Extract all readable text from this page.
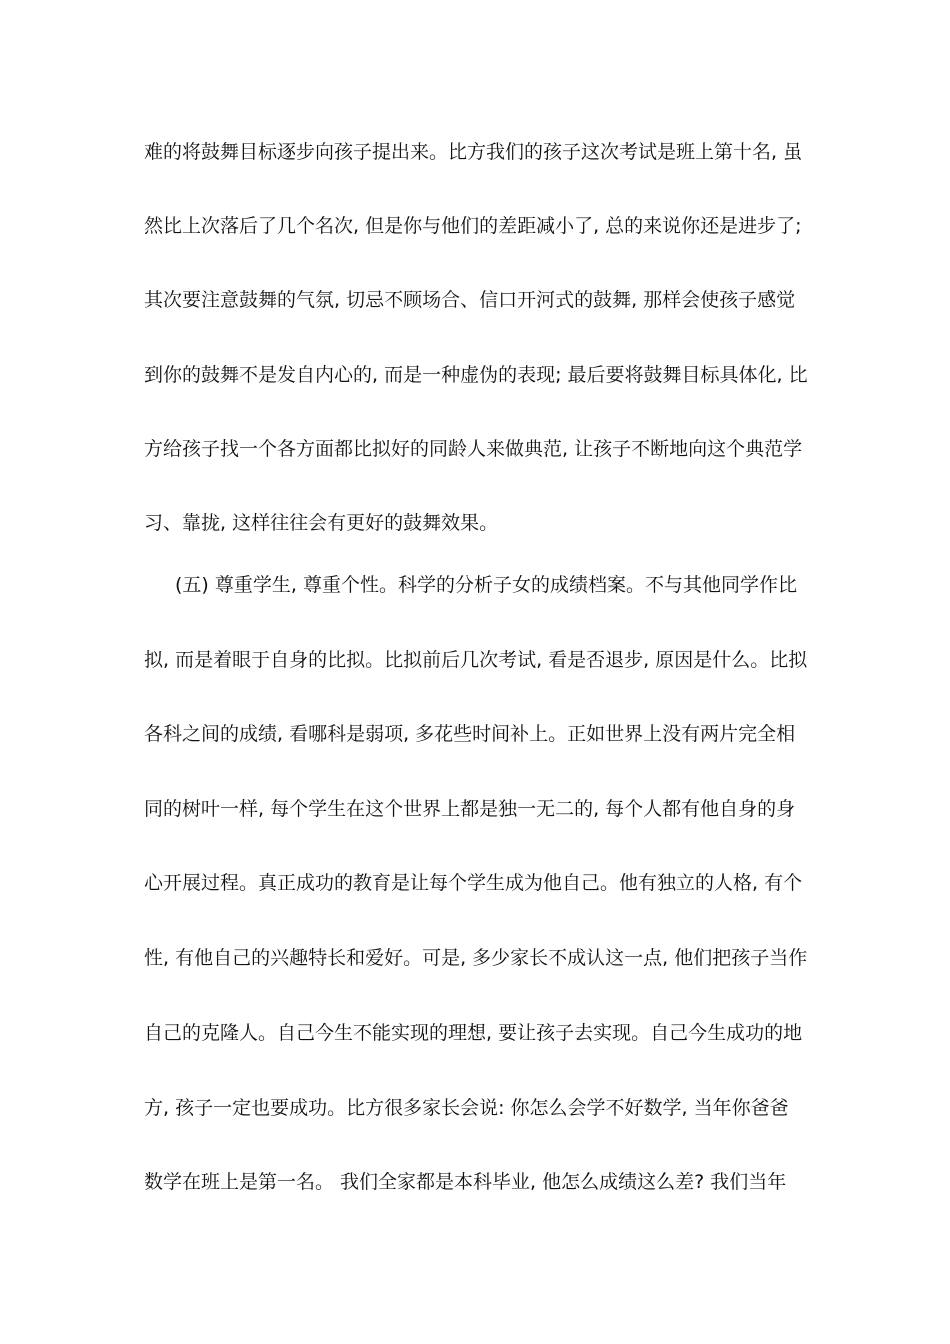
难的将鼓舞目标逐步向孩子提出来。比方我们的孩子这次考试是班上第十名, 虽
然比上次落后了几个名次, 但是你与他们的差距减小了, 总的来说你还是进步了;
其次要注意鼓舞的气氛, 切忌不顾场合、信口开河式的鼓舞, 那样会使孩子感觉
到你的鼓舞不是发自内心的, 而是一种虚伪的表现; 最后要将鼓舞目标具体化, 比
方给孩子找一个各方面都比拟好的同龄人来做典范, 让孩子不断地向这个典范学
习、靠拢, 这样往往会有更好的鼓舞效果。
(五) 尊重学生, 尊重个性。科学的分析子女的成绩档案。不与其他同学作比
拟, 而是着眼于自身的比拟。比拟前后几次考试, 看是否退步, 原因是什么。比拟
各科之间的成绩, 看哪科是弱项, 多花些时间补上。正如世界上没有两片完全相
同的树叶一样, 每个学生在这个世界上都是独一无二的, 每个人都有他自身的身
心开展过程。真正成功的教育是让每个学生成为他自己。他有独立的人格, 有个
性, 有他自己的兴趣特长和爱好。可是, 多少家长不成认这一点, 他们把孩子当作
自己的克隆人。自己今生不能实现的理想, 要让孩子去实现。自己今生成功的地
方, 孩子一定也要成功。比方很多家长会说: 你怎么会学不好数学, 当年你爸爸
数学在班上是第一名。 我们全家都是本科毕业, 他怎么成绩这么差? 我们当年
